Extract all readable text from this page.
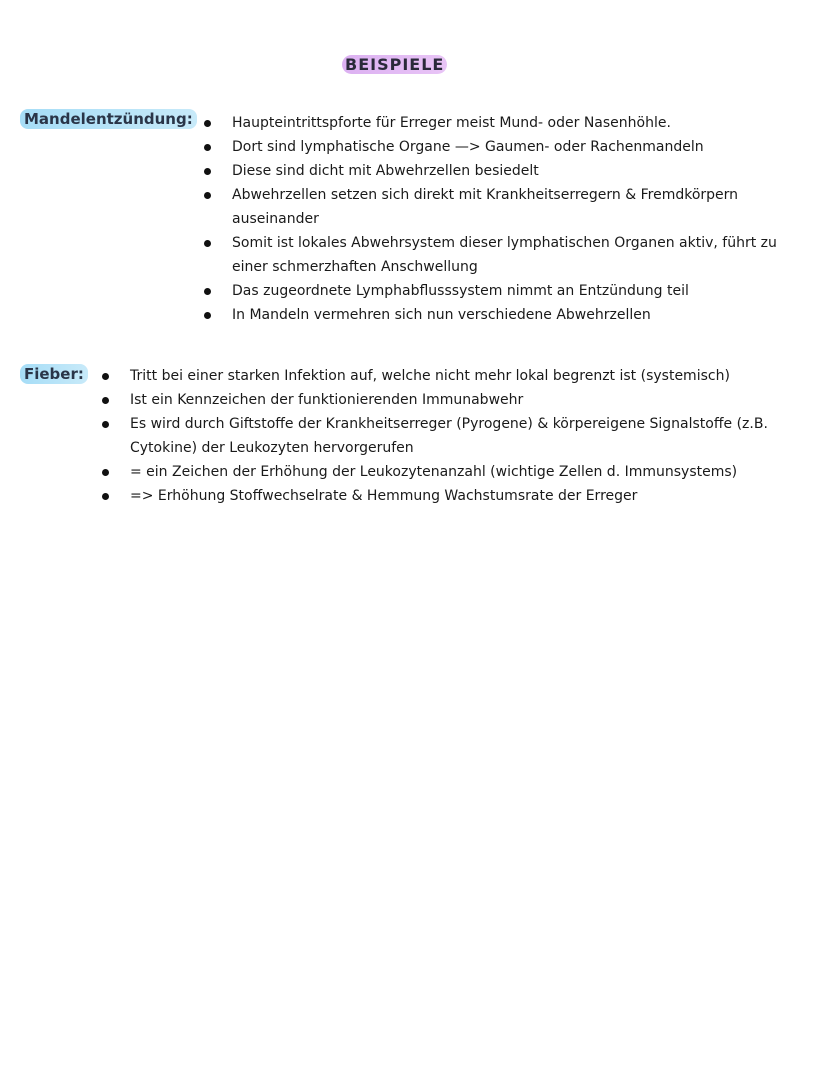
BEISPIELE
Mandelentzündung:	Haupteintrittspforte für Erreger meist Mund- oder Nasenhöhle.
Dort sind lymphatische Organe —> Gaumen- oder Rachenmandeln
Diese sind dicht mit Abwehrzellen besiedelt
Abwehrzellen setzen sich direkt mit Krankheitserregern & Fremdkörpern auseinander
Somit ist lokales Abwehrsystem dieser lymphatischen Organen aktiv, führt zu einer schmerzhaften Anschwellung
Das zugeordnete Lymphabflusssystem nimmt an Entzündung teil
In Mandeln vermehren sich nun verschiedene Abwehrzellen
Fieber:	Tritt bei einer starken Infektion auf, welche nicht mehr lokal begrenzt ist (systemisch)
Ist ein Kennzeichen der funktionierenden Immunabwehr
Es wird durch Giftstoffe der Krankheitserreger (Pyrogene) & körpereigene Signalstoffe (z.B. Cytokine) der Leukozyten hervorgerufen
= ein Zeichen der Erhöhung der Leukozytenanzahl (wichtige Zellen d. Immunsystems)
=> Erhöhung Stoffwechselrate & Hemmung Wachstumsrate der Erreger
